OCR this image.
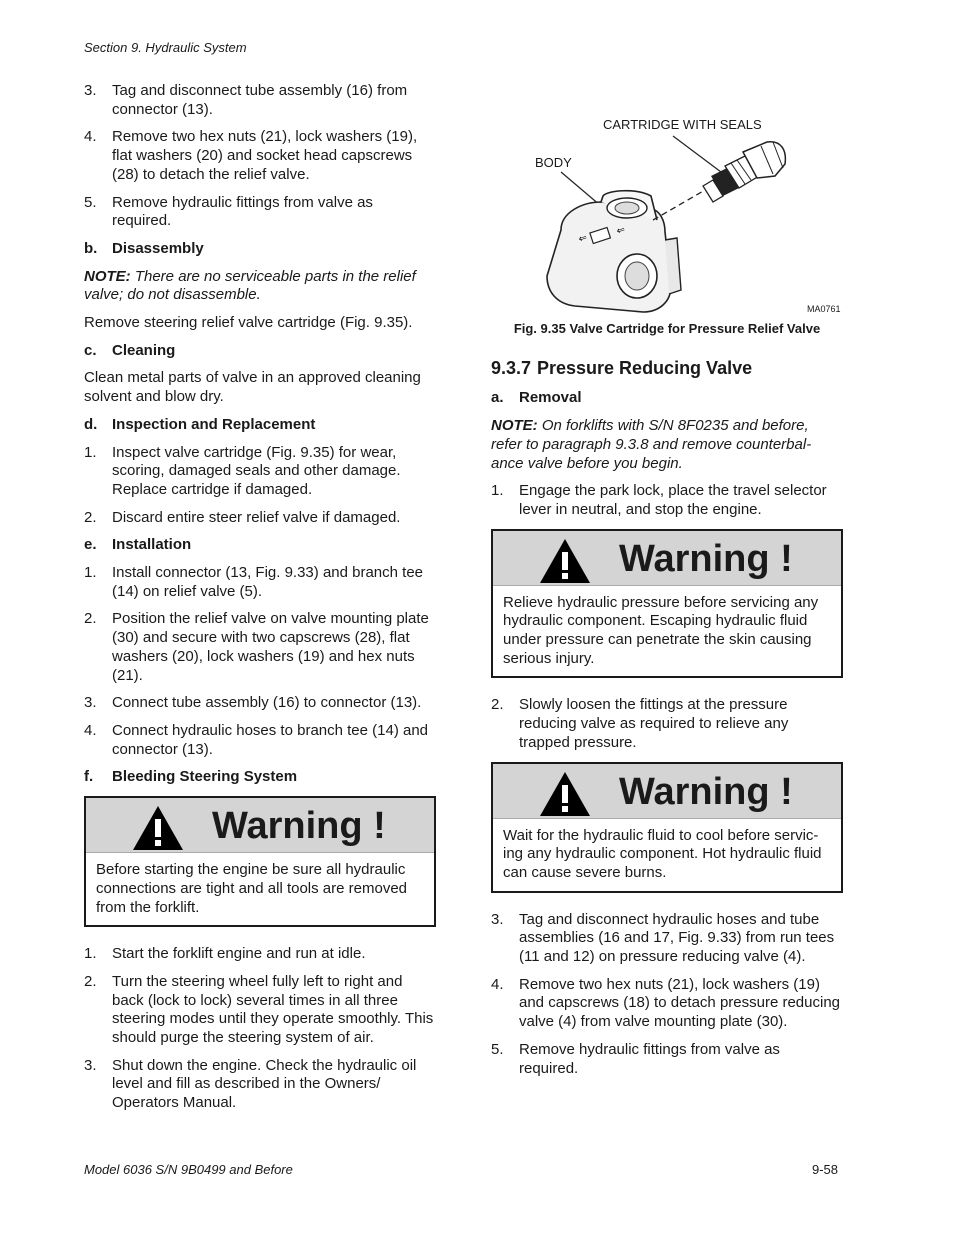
Section 9. Hydraulic System
3. Tag and disconnect tube assembly (16) from connector (13).
4. Remove two hex nuts (21), lock washers (19), flat washers (20) and socket head capscrews (28) to detach the relief valve.
5. Remove hydraulic fittings from valve as required.
b. Disassembly
NOTE: There are no serviceable parts in the relief valve; do not disassemble.
Remove steering relief valve cartridge (Fig. 9.35).
c. Cleaning
Clean metal parts of valve in an approved cleaning solvent and blow dry.
d. Inspection and Replacement
1. Inspect valve cartridge (Fig. 9.35) for wear, scoring, damaged seals and other damage. Replace cartridge if damaged.
2. Discard entire steer relief valve if damaged.
e. Installation
1. Install connector (13, Fig. 9.33) and branch tee (14) on relief valve (5).
2. Position the relief valve on valve mounting plate (30) and secure with two capscrews (28), flat washers (20), lock washers (19) and hex nuts (21).
3. Connect tube assembly (16) to connector (13).
4. Connect hydraulic hoses to branch tee (14) and connector (13).
f. Bleeding Steering System
Warning !
Before starting the engine be sure all hydraulic connections are tight and all tools are removed from the forklift.
1. Start the forklift engine and run at idle.
2. Turn the steering wheel fully left to right and back (lock to lock) several times in all three steering modes until they operate smoothly. This should purge the steering system of air.
3. Shut down the engine. Check the hydraulic oil level and fill as described in the Owners/ Operators Manual.
⇐
⇐
CARTRIDGE WITH SEALS
BODY
MA0761
Fig. 9.35 Valve Cartridge for Pressure Relief Valve
9.3.7 Pressure Reducing Valve
a. Removal
NOTE: On forklifts with S/N 8F0235 and before, refer to paragraph 9.3.8 and remove counterbal-ance valve before you begin.
1. Engage the park lock, place the travel selector lever in neutral, and stop the engine.
Warning !
Relieve hydraulic pressure before servicing any hydraulic component. Escaping hydraulic fluid under pressure can penetrate the skin causing serious injury.
2. Slowly loosen the fittings at the pressure reducing valve as required to relieve any trapped pressure.
Warning !
Wait for the hydraulic fluid to cool before servic-ing any hydraulic component. Hot hydraulic fluid can cause severe burns.
3. Tag and disconnect hydraulic hoses and tube assemblies (16 and 17, Fig. 9.33) from run tees (11 and 12) on pressure reducing valve (4).
4. Remove two hex nuts (21), lock washers (19) and capscrews (18) to detach pressure reducing valve (4) from valve mounting plate (30).
5. Remove hydraulic fittings from valve as required.
Model 6036 S/N 9B0499 and Before	9-58
